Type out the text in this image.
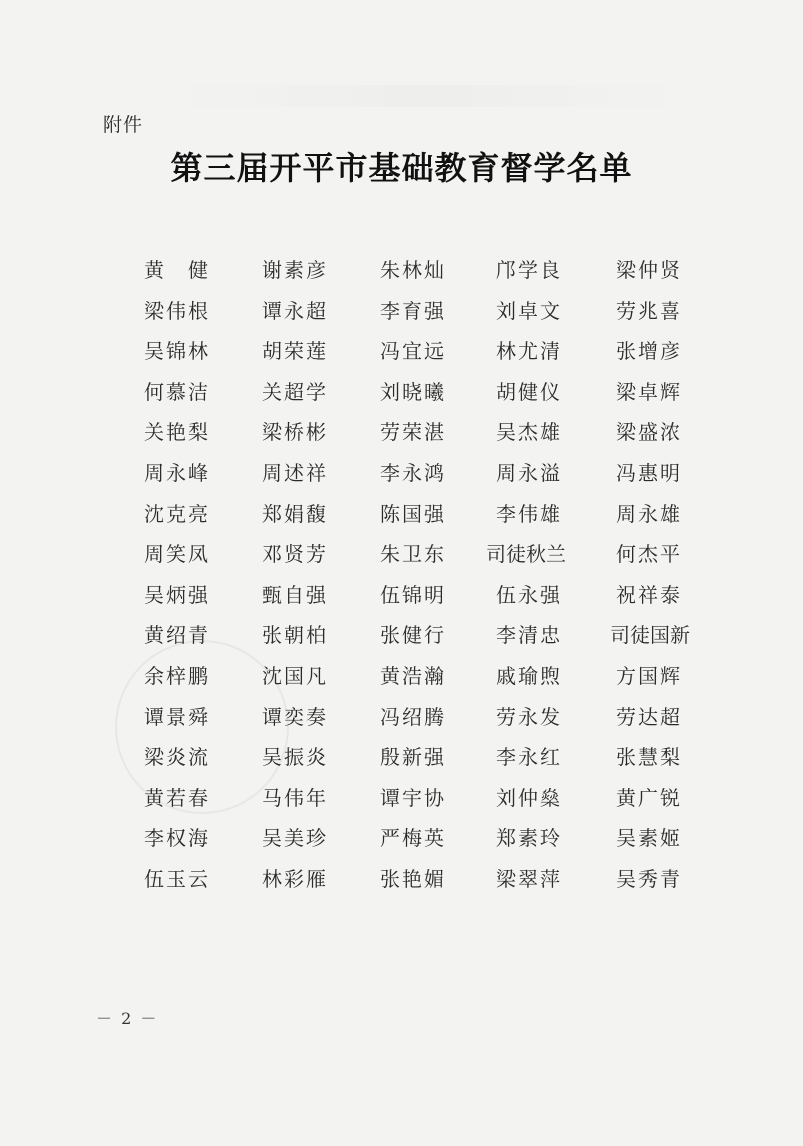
附件
第三届开平市基础教育督学名单
黄　健	谢素彦	朱林灿	邝学良	梁仲贤
梁伟根	谭永超	李育强	刘卓文	劳兆喜
吴锦林	胡荣莲	冯宜远	林尤清	张增彦
何慕洁	关超学	刘晓曦	胡健仪	梁卓辉
关艳梨	梁桥彬	劳荣湛	吴杰雄	梁盛浓
周永峰	周述祥	李永鸿	周永溢	冯惠明
沈克亮	郑娟馥	陈国强	李伟雄	周永雄
周笑凤	邓贤芳	朱卫东	司徒秋兰	何杰平
吴炳强	甄自强	伍锦明	伍永强	祝祥泰
黄绍青	张朝柏	张健行	李清忠	司徒国新
余梓鹏	沈国凡	黄浩瀚	戚瑜煦	方国辉
谭景舜	谭奕奏	冯绍腾	劳永发	劳达超
梁炎流	吴振炎	殷新强	李永红	张慧梨
黄若春	马伟年	谭宇协	刘仲燊	黄广锐
李权海	吴美珍	严梅英	郑素玲	吴素姬
伍玉云	林彩雁	张艳媚	梁翠萍	吴秀青
－ 2 －
